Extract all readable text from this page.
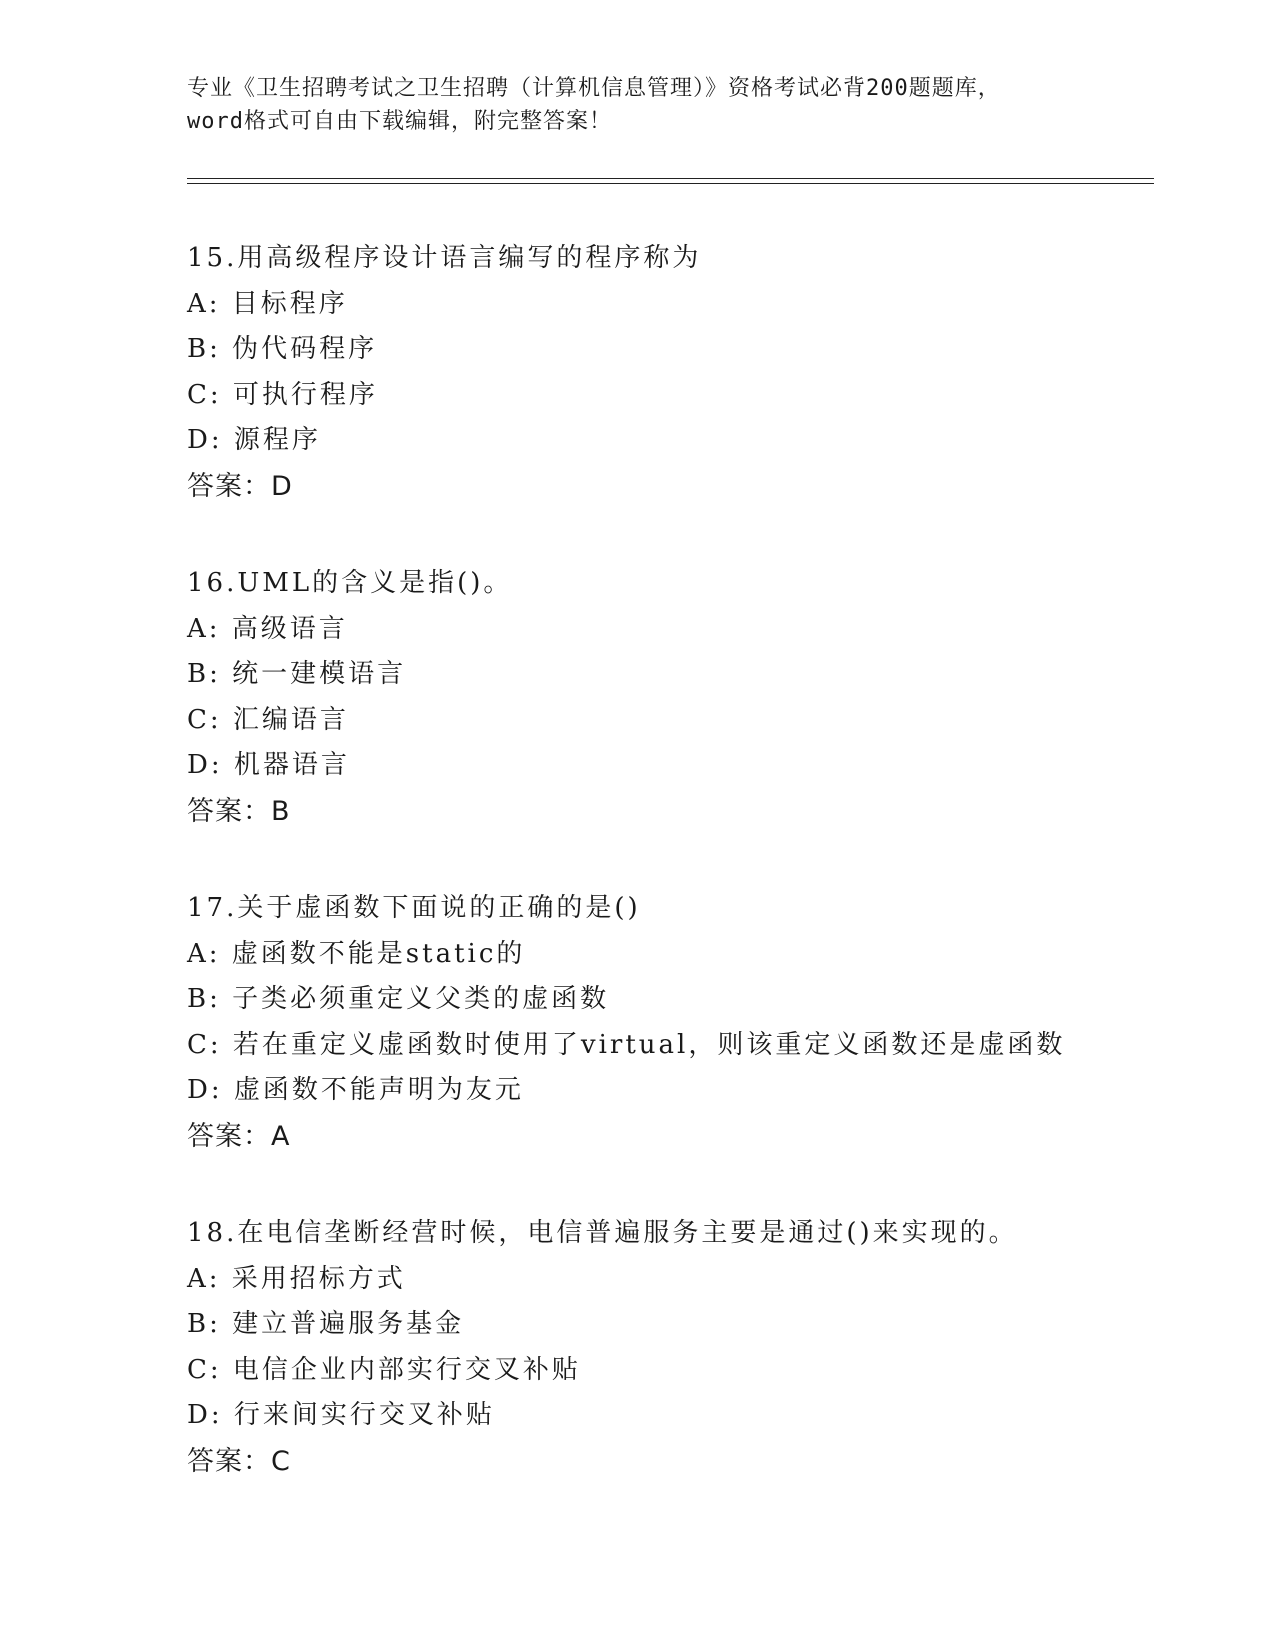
专业《卫生招聘考试之卫生招聘（计算机信息管理）》资格考试必背200题题库，
word格式可自由下载编辑，附完整答案！
15.用高级程序设计语言编写的程序称为
A: 目标程序
B: 伪代码程序
C: 可执行程序
D: 源程序
答案：D
16.UML的含义是指()。
A: 高级语言
B: 统一建模语言
C: 汇编语言
D: 机器语言
答案：B
17.关于虚函数下面说的正确的是()
A: 虚函数不能是static的
B: 子类必须重定义父类的虚函数
C: 若在重定义虚函数时使用了virtual，则该重定义函数还是虚函数
D: 虚函数不能声明为友元
答案：A
18.在电信垄断经营时候，电信普遍服务主要是通过()来实现的。
A: 采用招标方式
B: 建立普遍服务基金
C: 电信企业内部实行交叉补贴
D: 行来间实行交叉补贴
答案：C
